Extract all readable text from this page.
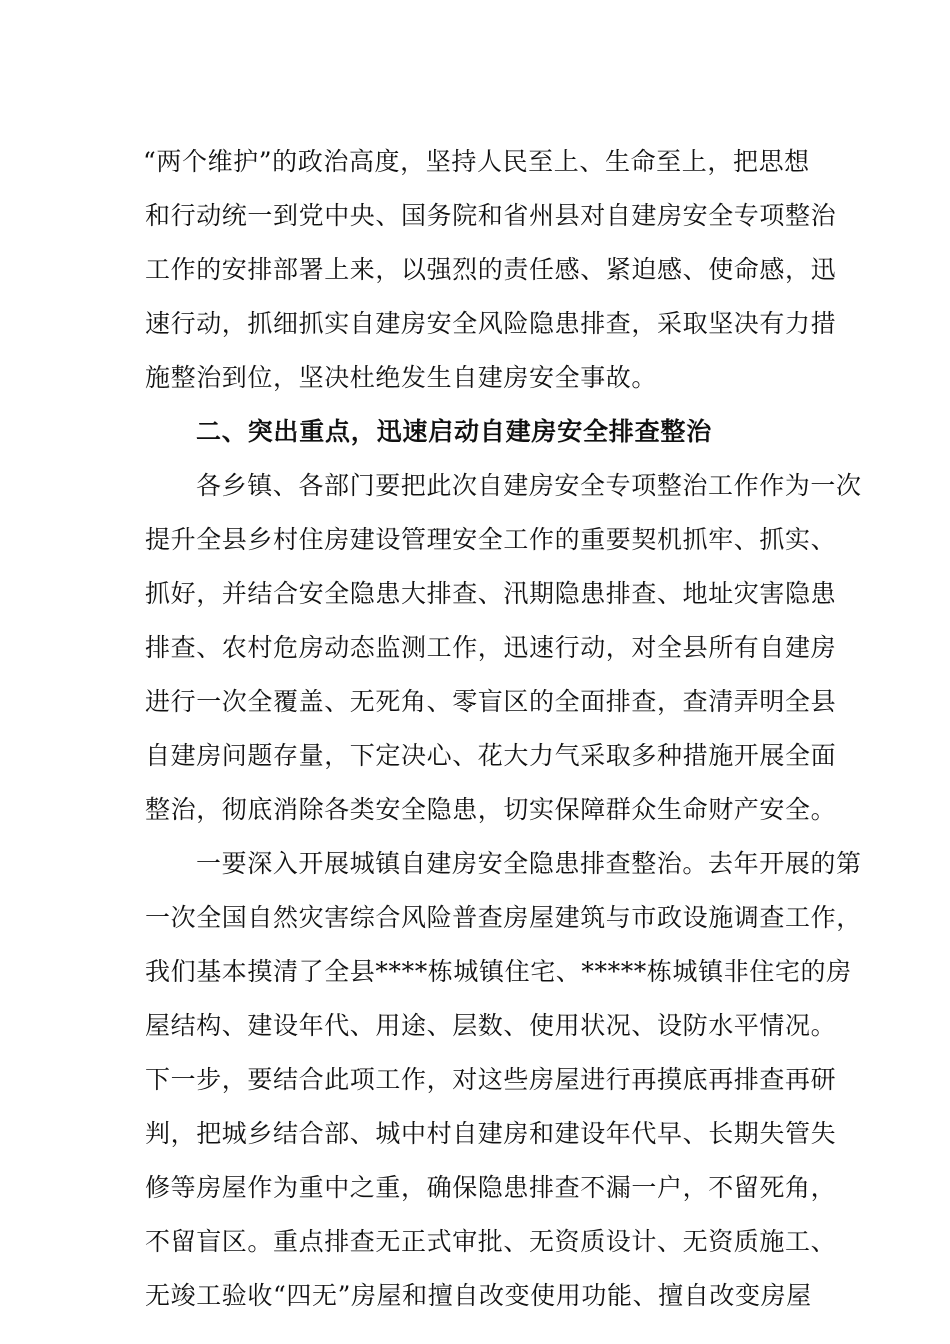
“两个维护”的政治高度，坚持人民至上、生命至上，把思想
和行动统一到党中央、国务院和省州县对自建房安全专项整治
工作的安排部署上来，以强烈的责任感、紧迫感、使命感，迅
速行动，抓细抓实自建房安全风险隐患排查，采取坚决有力措
施整治到位，坚决杜绝发生自建房安全事故。
二、突出重点，迅速启动自建房安全排查整治
各乡镇、各部门要把此次自建房安全专项整治工作作为一次
提升全县乡村住房建设管理安全工作的重要契机抓牢、抓实、
抓好，并结合安全隐患大排查、汛期隐患排查、地址灾害隐患
排查、农村危房动态监测工作，迅速行动，对全县所有自建房
进行一次全覆盖、无死角、零盲区的全面排查，查清弄明全县
自建房问题存量，下定决心、花大力气采取多种措施开展全面
整治，彻底消除各类安全隐患，切实保障群众生命财产安全。
一要深入开展城镇自建房安全隐患排查整治。去年开展的第
一次全国自然灾害综合风险普查房屋建筑与市政设施调查工作，
我们基本摸清了全县****栋城镇住宅、*****栋城镇非住宅的房
屋结构、建设年代、用途、层数、使用状况、设防水平情况。
下一步，要结合此项工作，对这些房屋进行再摸底再排查再研
判，把城乡结合部、城中村自建房和建设年代早、长期失管失
修等房屋作为重中之重，确保隐患排查不漏一户，不留死角，
不留盲区。重点排查无正式审批、无资质设计、无资质施工、
无竣工验收“四无”房屋和擅自改变使用功能、擅自改变房屋
